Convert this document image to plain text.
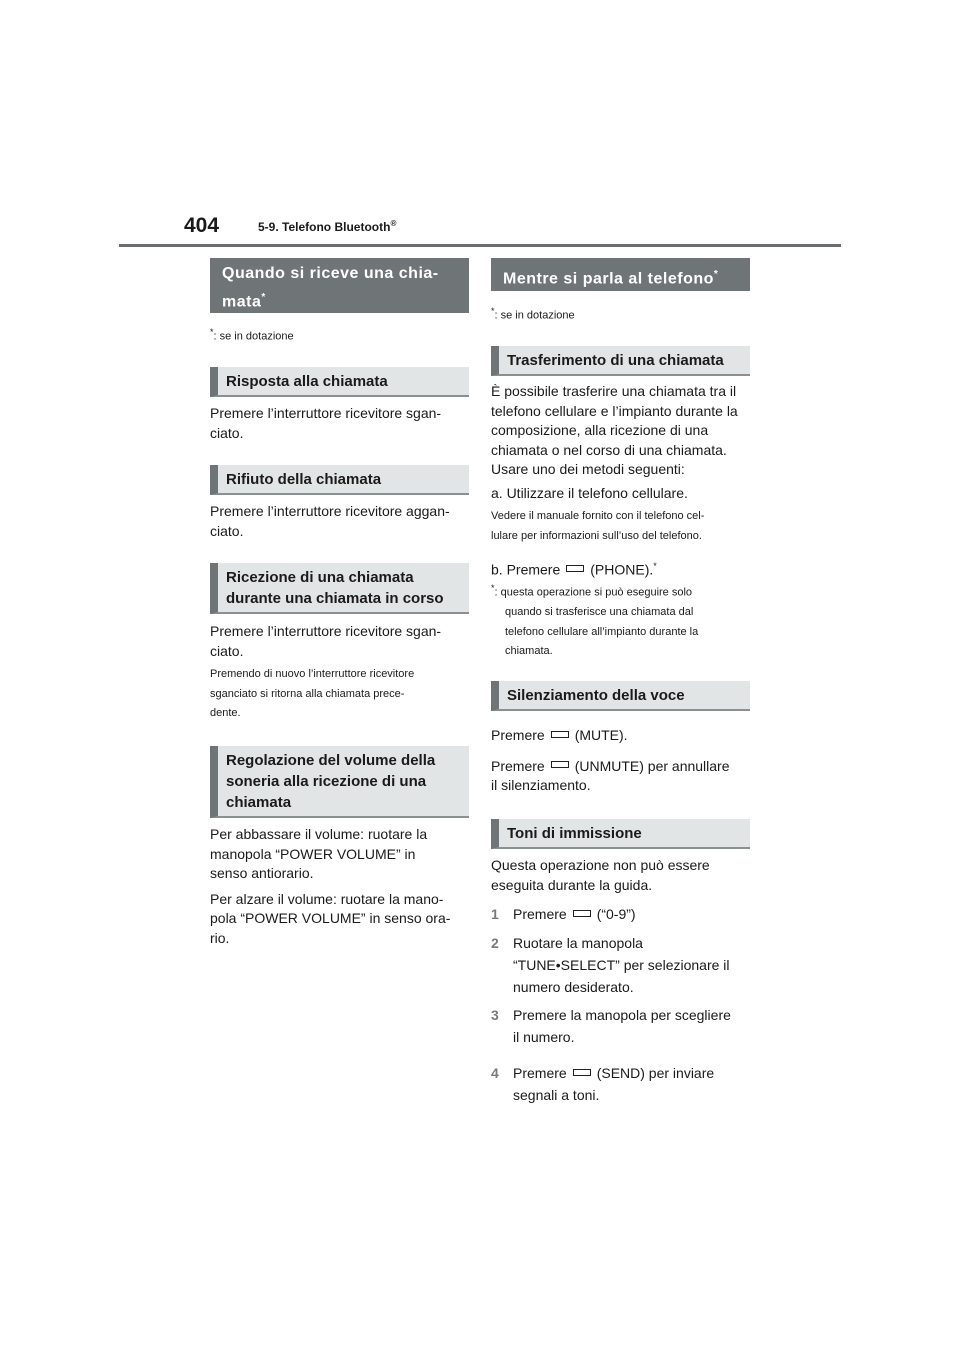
404	5-9. Telefono Bluetooth®
Quando si riceve una chia-
mata*
*: se in dotazione
Risposta alla chiamata
Premere l’interruttore ricevitore sgan-
ciato.
Rifiuto della chiamata
Premere l’interruttore ricevitore aggan-
ciato.
Ricezione di una chiamata
durante una chiamata in corso
Premere l’interruttore ricevitore sgan-
ciato.
Premendo di nuovo l’interruttore ricevitore
sganciato si ritorna alla chiamata prece-
dente.
Regolazione del volume della
soneria alla ricezione di una
chiamata
Per abbassare il volume: ruotare la
manopola “POWER VOLUME” in
senso antiorario.
Per alzare il volume: ruotare la mano-
pola “POWER VOLUME” in senso ora-
rio.
Mentre si parla al telefono*
*: se in dotazione
Trasferimento di una chiamata
È possibile trasferire una chiamata tra il
telefono cellulare e l’impianto durante la
composizione, alla ricezione di una
chiamata o nel corso di una chiamata.
Usare uno dei metodi seguenti:
a. Utilizzare il telefono cellulare.
Vedere il manuale fornito con il telefono cel-
lulare per informazioni sull’uso del telefono.
b. Premere (PHONE).*
*: questa operazione si può eseguire solo
quando si trasferisce una chiamata dal
telefono cellulare all’impianto durante la
chiamata.
Silenziamento della voce
Premere (MUTE).
Premere (UNMUTE) per annullare
il silenziamento.
Toni di immissione
Questa operazione non può essere
eseguita durante la guida.
1 Premere (“0-9”)
2 Ruotare la manopola
“TUNE•SELECT” per selezionare il
numero desiderato.
3 Premere la manopola per scegliere
il numero.
4 Premere (SEND) per inviare
segnali a toni.
